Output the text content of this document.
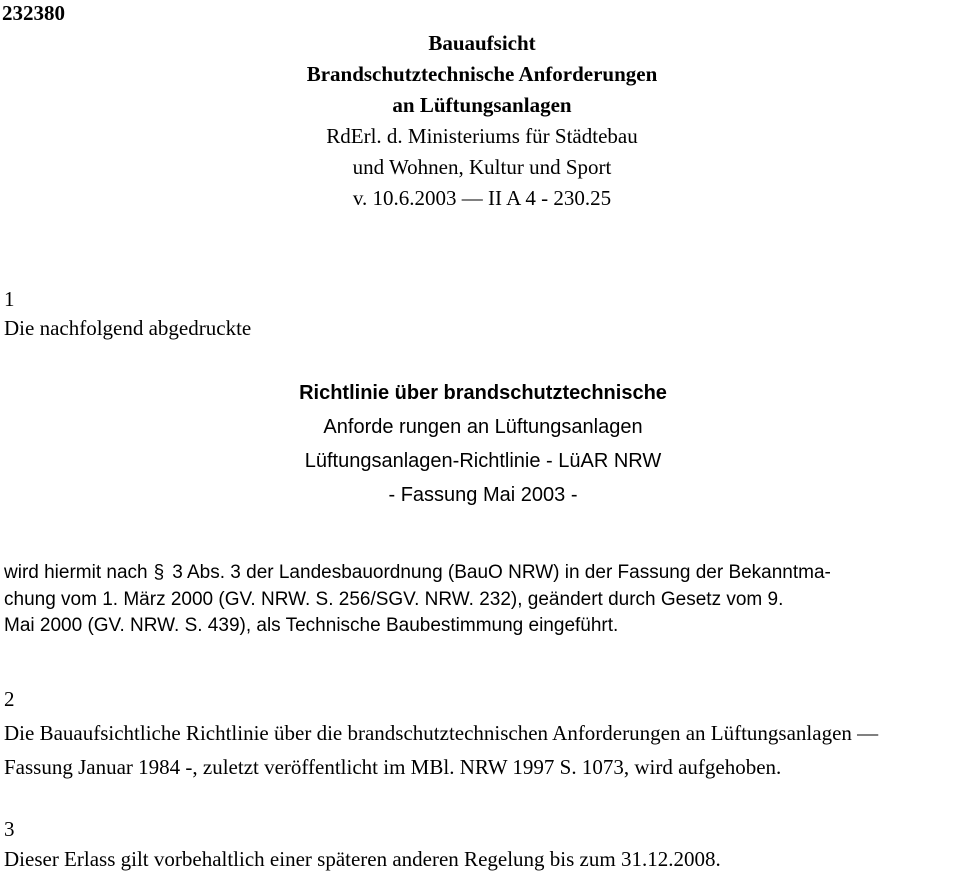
232380
Bauaufsicht
Brandschutztechnische Anforderungen
an Lüftungsanlagen
RdErl. d. Ministeriums für Städtebau
und Wohnen, Kultur und Sport
v. 10.6.2003 — II A 4 - 230.25
1
Die nachfolgend abgedruckte
Richtlinie über brandschutztechnische
Anforde rungen an Lüftungsanlagen
Lüftungsanlagen-Richtlinie - LüAR NRW
- Fassung Mai 2003 -
wird hiermit nach § 3 Abs. 3 der Landesbauordnung (BauO NRW) in der Fassung der Bekanntma-
chung vom 1. März 2000 (GV. NRW. S. 256/SGV. NRW. 232), geändert durch Gesetz vom 9.
Mai 2000 (GV. NRW. S. 439), als Technische Baubestimmung eingeführt.
2
Die Bauaufsichtliche Richtlinie über die brandschutztechnischen Anforderungen an Lüftungsanlagen —
Fassung Januar 1984 -, zuletzt veröffentlicht im MBl. NRW 1997 S. 1073, wird aufgehoben.
3
Dieser Erlass gilt vorbehaltlich einer späteren anderen Regelung bis zum 31.12.2008.
